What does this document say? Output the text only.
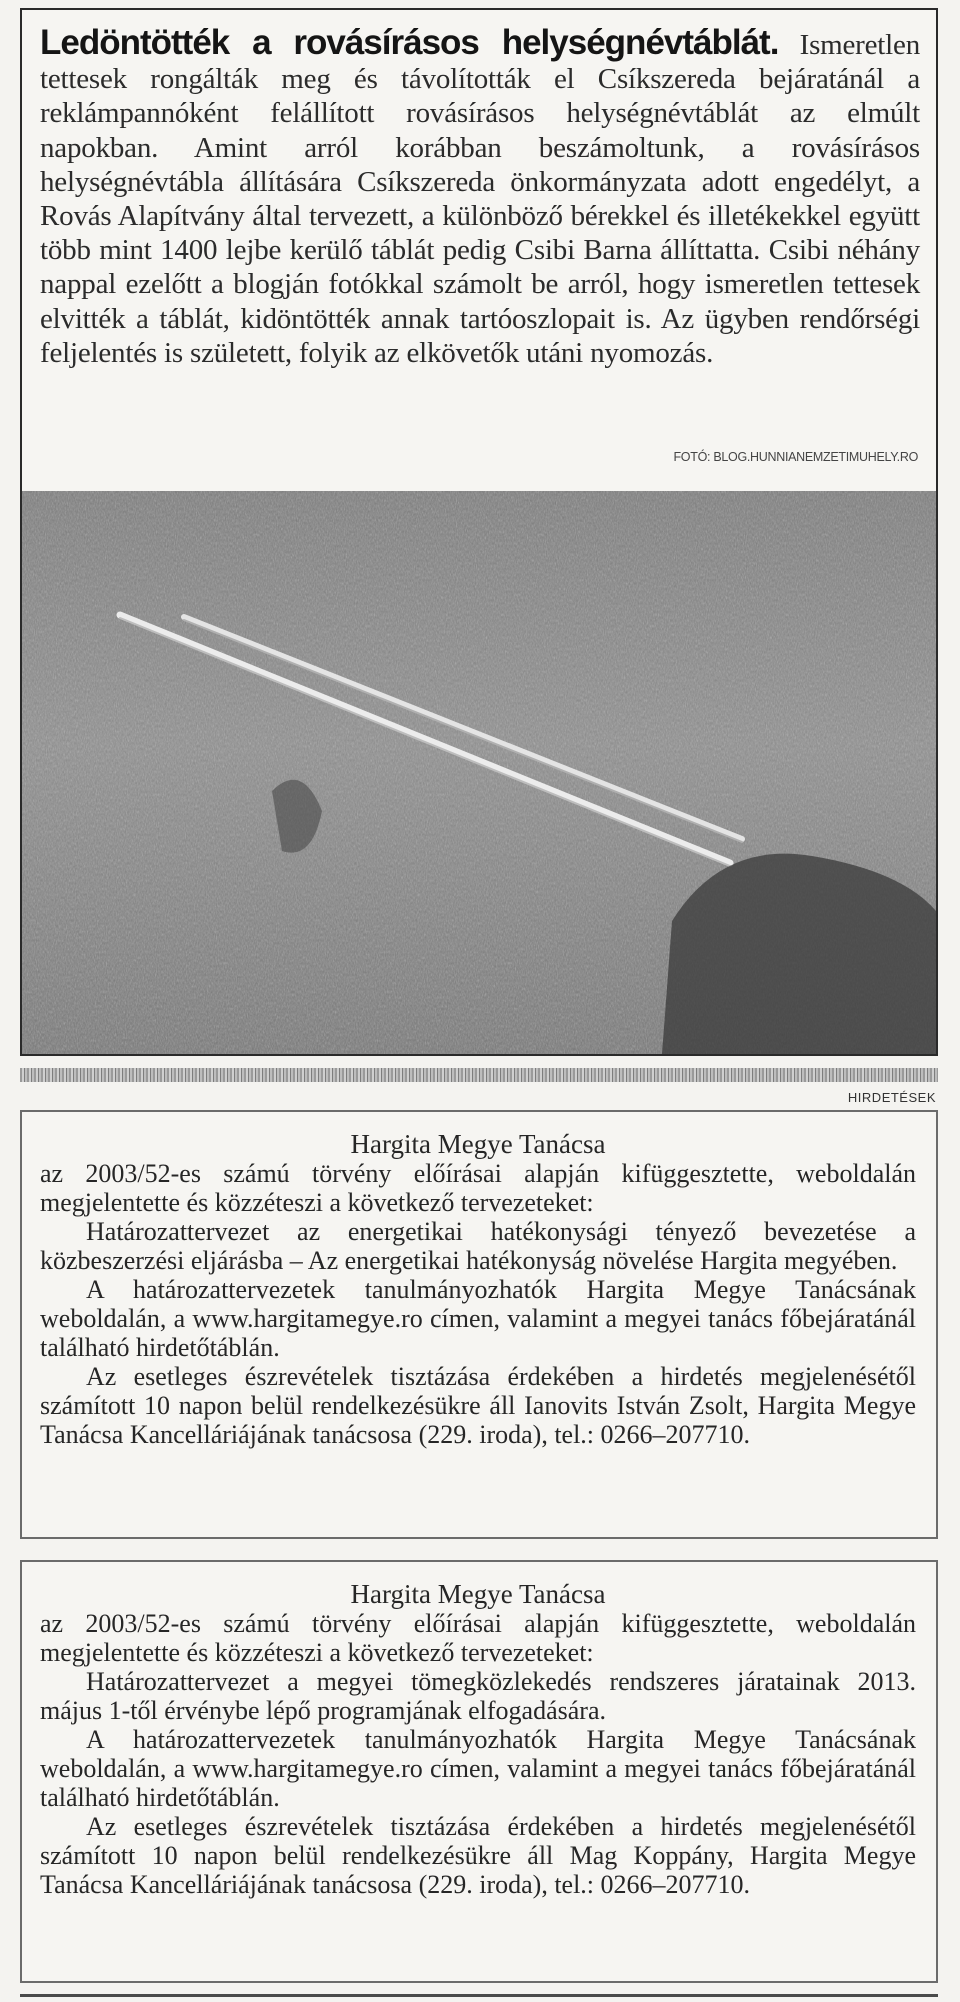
Ledöntötték a rovásírásos helységnévtáblát. Ismeretlen tettesek rongálták meg és távolították el Csíkszereda bejáratánál a reklámpannóként felállított rovásírásos helységnévtáblát az elmúlt napokban. Amint arról korábban beszámoltunk, a rovásírásos helységnévtábla állítására Csíkszereda önkormányzata adott engedélyt, a Rovás Alapítvány által tervezett, a különböző bérekkel és illetékekkel együtt több mint 1400 lejbe kerülő táblát pedig Csibi Barna állíttatta. Csibi néhány nappal ezelőtt a blogján fotókkal számolt be arról, hogy ismeretlen tettesek elvitték a táblát, kidöntötték annak tartóoszlopait is. Az ügyben rendőrségi feljelentés is született, folyik az elkövetők utáni nyomozás.
FOTÓ: BLOG.HUNNIANEMZETIMUHELY.RO
HIRDETÉSEK

Hargita Megye Tanácsa

az 2003/52-es számú törvény előírásai alapján kifüggesztette, weboldalán megjelentette és közzéteszi a következő tervezeteket:

Határozattervezet az energetikai hatékonysági tényező bevezetése a közbeszerzési eljárásba – Az energetikai hatékonyság növelése Hargita megyében.

A határozattervezetek tanulmányozhatók Hargita Megye Tanácsának weboldalán, a www.hargitamegye.ro címen, valamint a megyei tanács főbejáratánál található hirdetőtáblán.

Az esetleges észrevételek tisztázása érdekében a hirdetés megjelenésétől számított 10 napon belül rendelkezésükre áll Ianovits István Zsolt, Hargita Megye Tanácsa Kancelláriájának tanácsosa (229. iroda), tel.: 0266–207710.

Hargita Megye Tanácsa

az 2003/52-es számú törvény előírásai alapján kifüggesztette, weboldalán megjelentette és közzéteszi a következő tervezeteket:

Határozattervezet a megyei tömegközlekedés rendszeres járatainak 2013. május 1-től érvénybe lépő programjának elfogadására.

A határozattervezetek tanulmányozhatók Hargita Megye Tanácsának weboldalán, a www.hargitamegye.ro címen, valamint a megyei tanács főbejáratánál található hirdetőtáblán.

Az esetleges észrevételek tisztázása érdekében a hirdetés megjelenésétől számított 10 napon belül rendelkezésükre áll Mag Koppány, Hargita Megye Tanácsa Kancelláriájának tanácsosa (229. iroda), tel.: 0266–207710.
